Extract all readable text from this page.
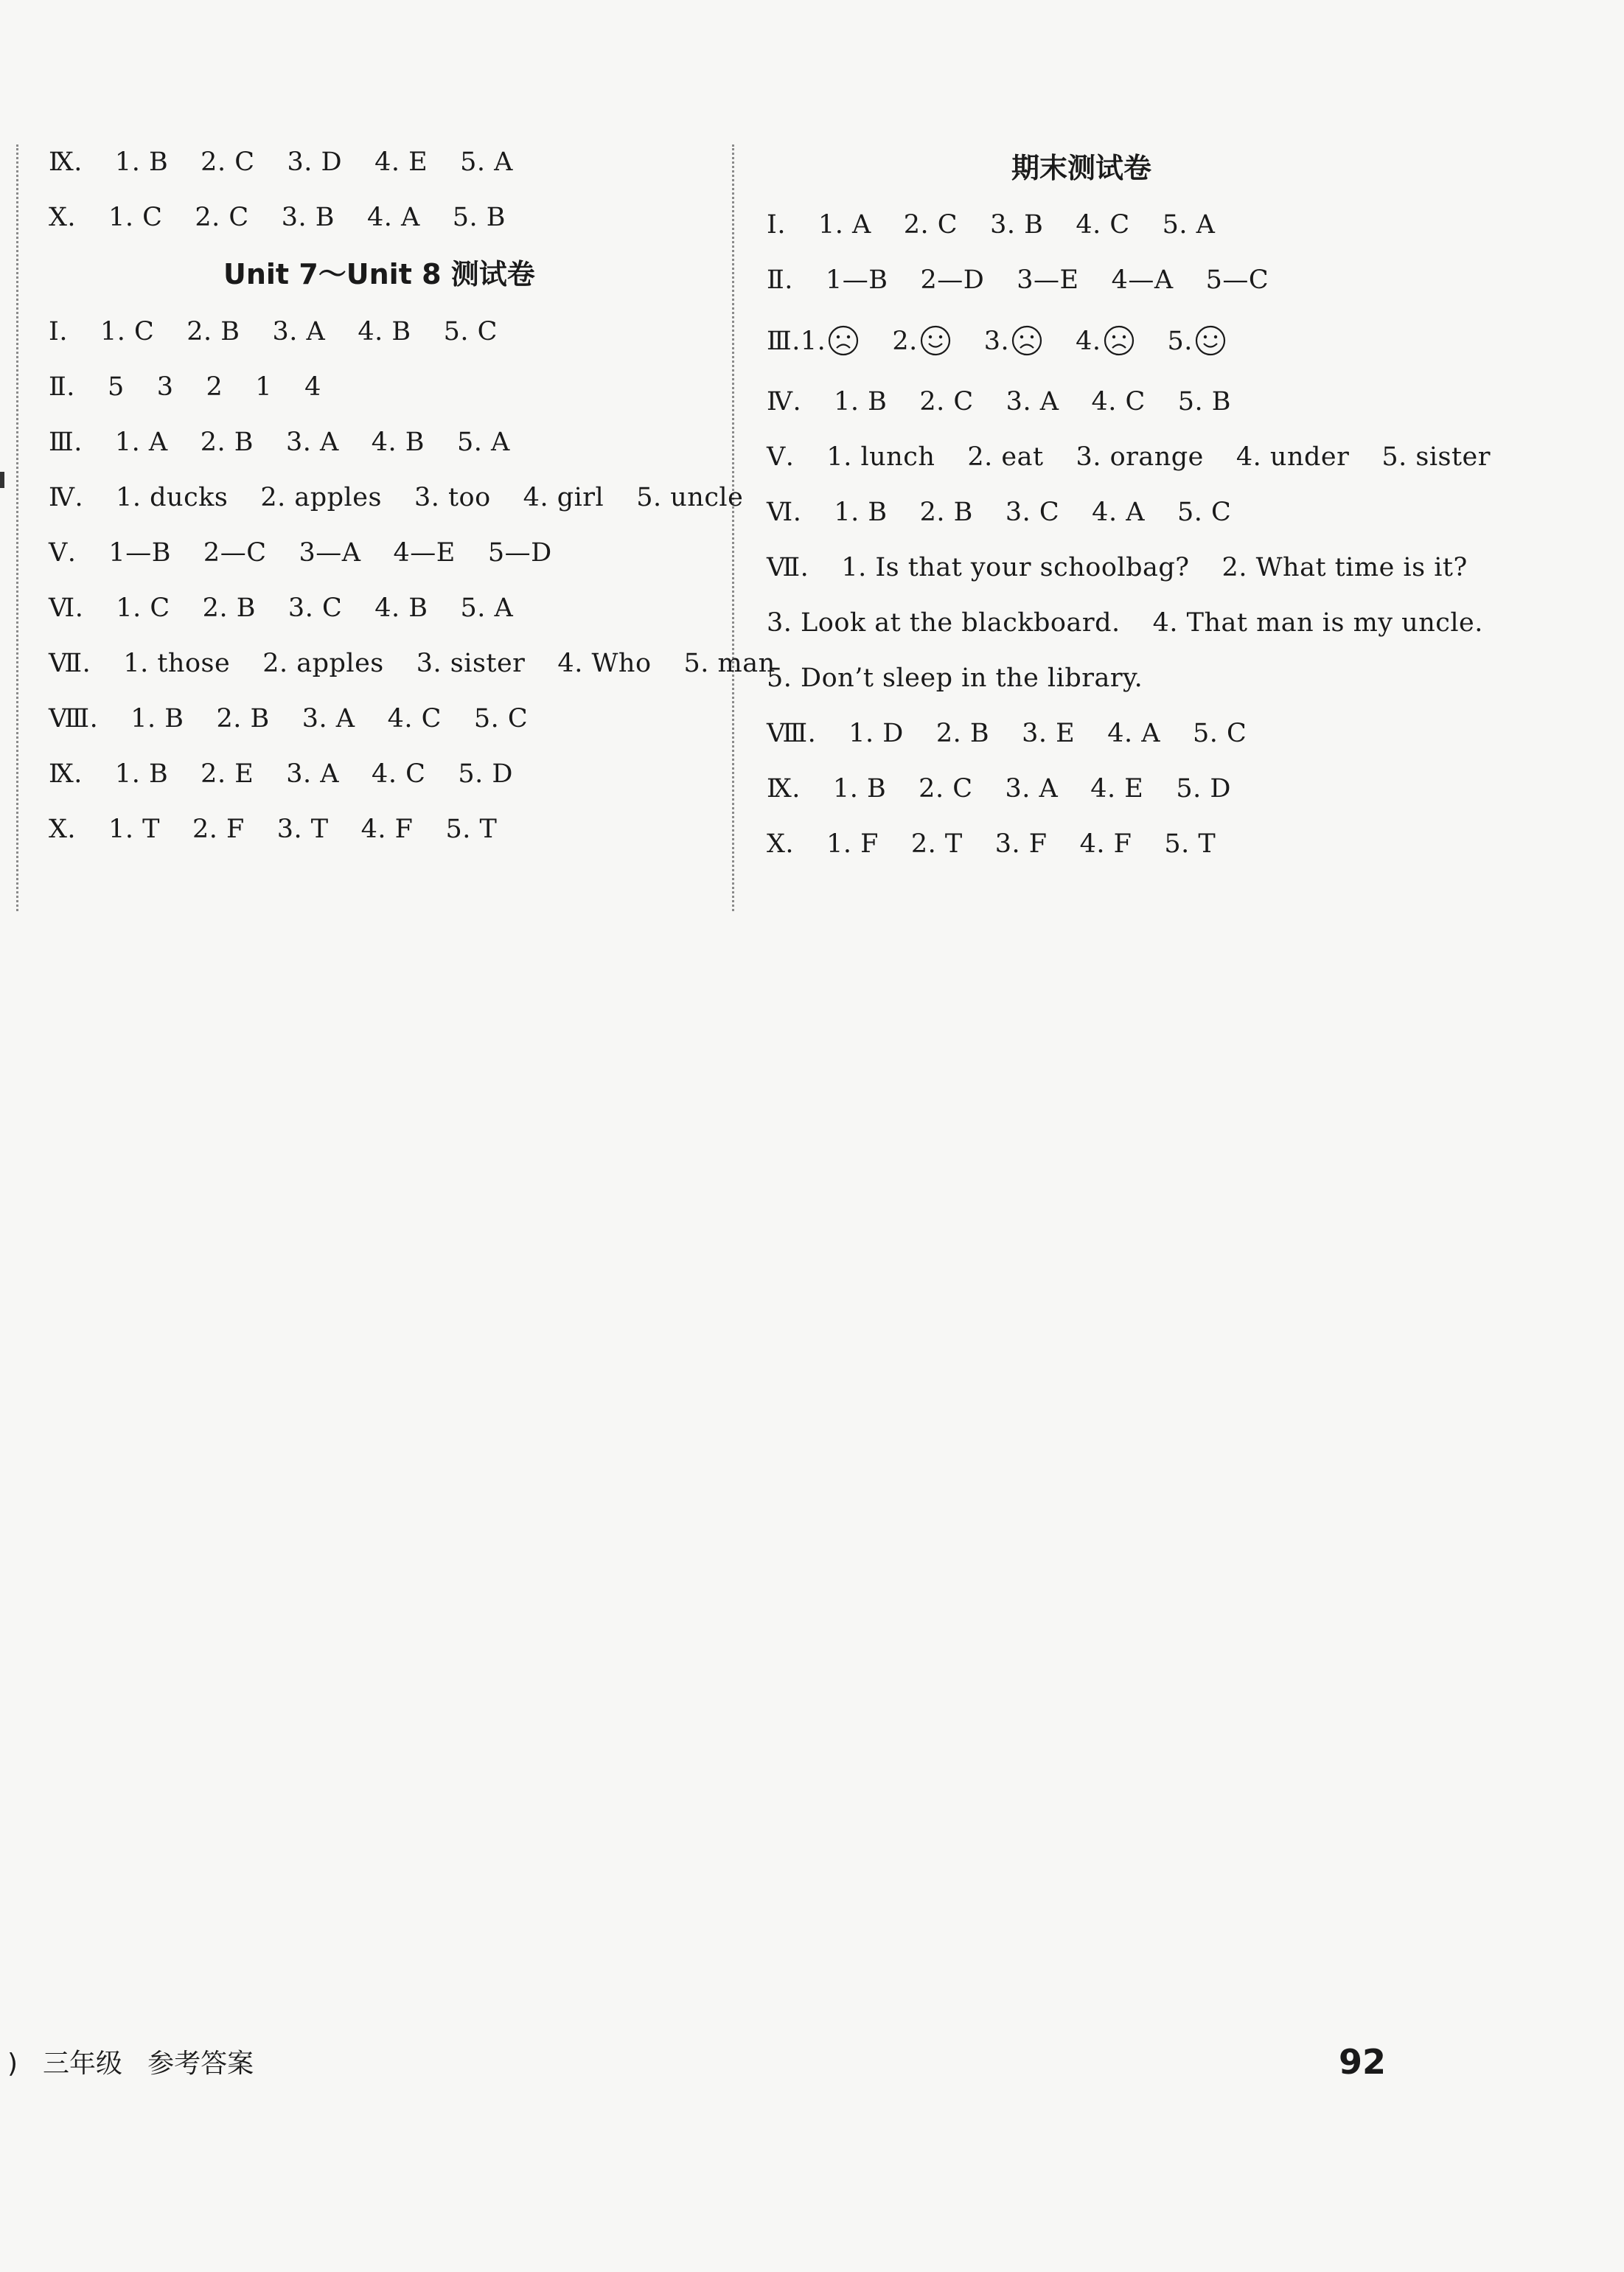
Ⅸ. 1. B 2. C 3. D 4. E 5. A
Ⅹ. 1. C 2. C 3. B 4. A 5. B
Unit 7～Unit 8 测试卷
Ⅰ. 1. C 2. B 3. A 4. B 5. C
Ⅱ. 5 3 2 1 4
Ⅲ. 1. A 2. B 3. A 4. B 5. A
Ⅳ. 1. ducks 2. apples 3. too 4. girl 5. uncle
Ⅴ. 1—B 2—C 3—A 4—E 5—D
Ⅵ. 1. C 2. B 3. C 4. B 5. A
Ⅶ. 1. those 2. apples 3. sister 4. Who 5. man
Ⅷ. 1. B 2. B 3. A 4. C 5. C
Ⅸ. 1. B 2. E 3. A 4. C 5. D
Ⅹ. 1. T 2. F 3. T 4. F 5. T
期末测试卷
Ⅰ. 1. A 2. C 3. B 4. C 5. A
Ⅱ. 1—B 2—D 3—E 4—A 5—C
Ⅲ.1.	2.	3.	4.	5.
Ⅳ. 1. B 2. C 3. A 4. C 5. B
Ⅴ. 1. lunch 2. eat 3. orange 4. under 5. sister
Ⅵ. 1. B 2. B 3. C 4. A 5. C
Ⅶ. 1. Is that your schoolbag? 2. What time is it?
3. Look at the blackboard. 4. That man is my uncle.
5. Don’t sleep in the library.
Ⅷ. 1. D 2. B 3. E 4. A 5. C
Ⅸ. 1. B 2. C 3. A 4. E 5. D
Ⅹ. 1. F 2. T 3. F 4. F 5. T
) 三年级 参考答案	92
